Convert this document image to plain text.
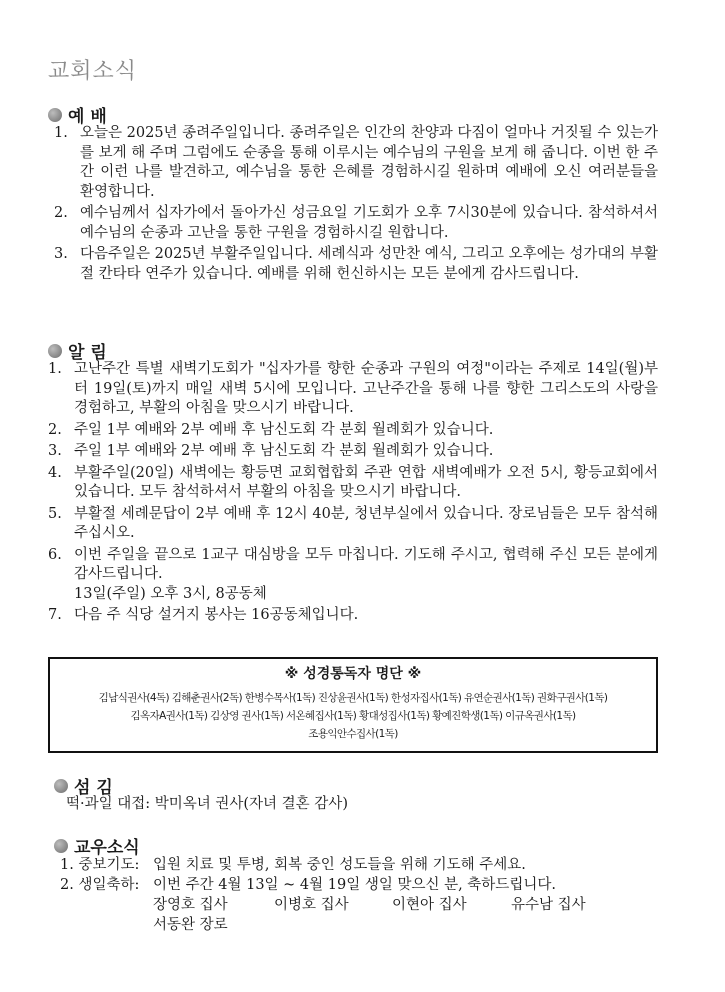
교회소식
예 배
1. 오늘은 2025년 종려주일입니다. 종려주일은 인간의 찬양과 다짐이 얼마나 거짓될 수 있는가를 보게 해 주며 그럼에도 순종을 통해 이루시는 예수님의 구원을 보게 해 줍니다. 이번 한 주간 이런 나를 발견하고, 예수님을 통한 은혜를 경험하시길 원하며 예배에 오신 여러분들을 환영합니다.
2. 예수님께서 십자가에서 돌아가신 성금요일 기도회가 오후 7시30분에 있습니다. 참석하셔서 예수님의 순종과 고난을 통한 구원을 경험하시길 원합니다.
3. 다음주일은 2025년 부활주일입니다. 세례식과 성만찬 예식, 그리고 오후에는 성가대의 부활절 칸타타 연주가 있습니다. 예배를 위해 헌신하시는 모든 분에게 감사드립니다.
알 림
1. 고난주간 특별 새벽기도회가 "십자가를 향한 순종과 구원의 여정"이라는 주제로 14일(월)부터 19일(토)까지 매일 새벽 5시에 모입니다. 고난주간을 통해 나를 향한 그리스도의 사랑을 경험하고, 부활의 아침을 맞으시기 바랍니다.
2. 주일 1부 예배와 2부 예배 후 남신도회 각 분회 월례회가 있습니다.
3. 주일 1부 예배와 2부 예배 후 남신도회 각 분회 월례회가 있습니다.
4. 부활주일(20일) 새벽에는 황등면 교회협합회 주관 연합 새벽예배가 오전 5시, 황등교회에서 있습니다. 모두 참석하셔서 부활의 아침을 맞으시기 바랍니다.
5. 부활절 세례문답이 2부 예배 후 12시 40분, 청년부실에서 있습니다. 장로님들은 모두 참석해 주십시오.
6. 이번 주일을 끝으로 1교구 대심방을 모두 마칩니다. 기도해 주시고, 협력해 주신 모든 분에게 감사드립니다.
13일(주일) 오후 3시, 8공동체
7. 다음 주 식당 설거지 봉사는 16공동체입니다.
※ 성경통독자 명단 ※
김남식권사(4독) 김해춘권사(2독) 한병수목사(1독) 진상윤권사(1독) 한성자집사(1독) 유연순권사(1독) 권화구권사(1독)
김옥자A권사(1독) 김상영 권사(1독) 서온혜집사(1독) 황대성집사(1독) 황예진학생(1독) 이규옥권사(1독)
조용익안수집사(1독)
섬 김
떡·과일 대접: 박미옥녀 권사(자녀 결혼 감사)
교우소식
1. 중보기도: 입원 치료 및 투병, 회복 중인 성도들을 위해 기도해 주세요.
2. 생일축하: 이번 주간 4월 13일 ~ 4월 19일 생일 맞으신 분, 축하드립니다.
장영호 집사	이병호 집사	이현아 집사	유수남 집사
서동완 장로
